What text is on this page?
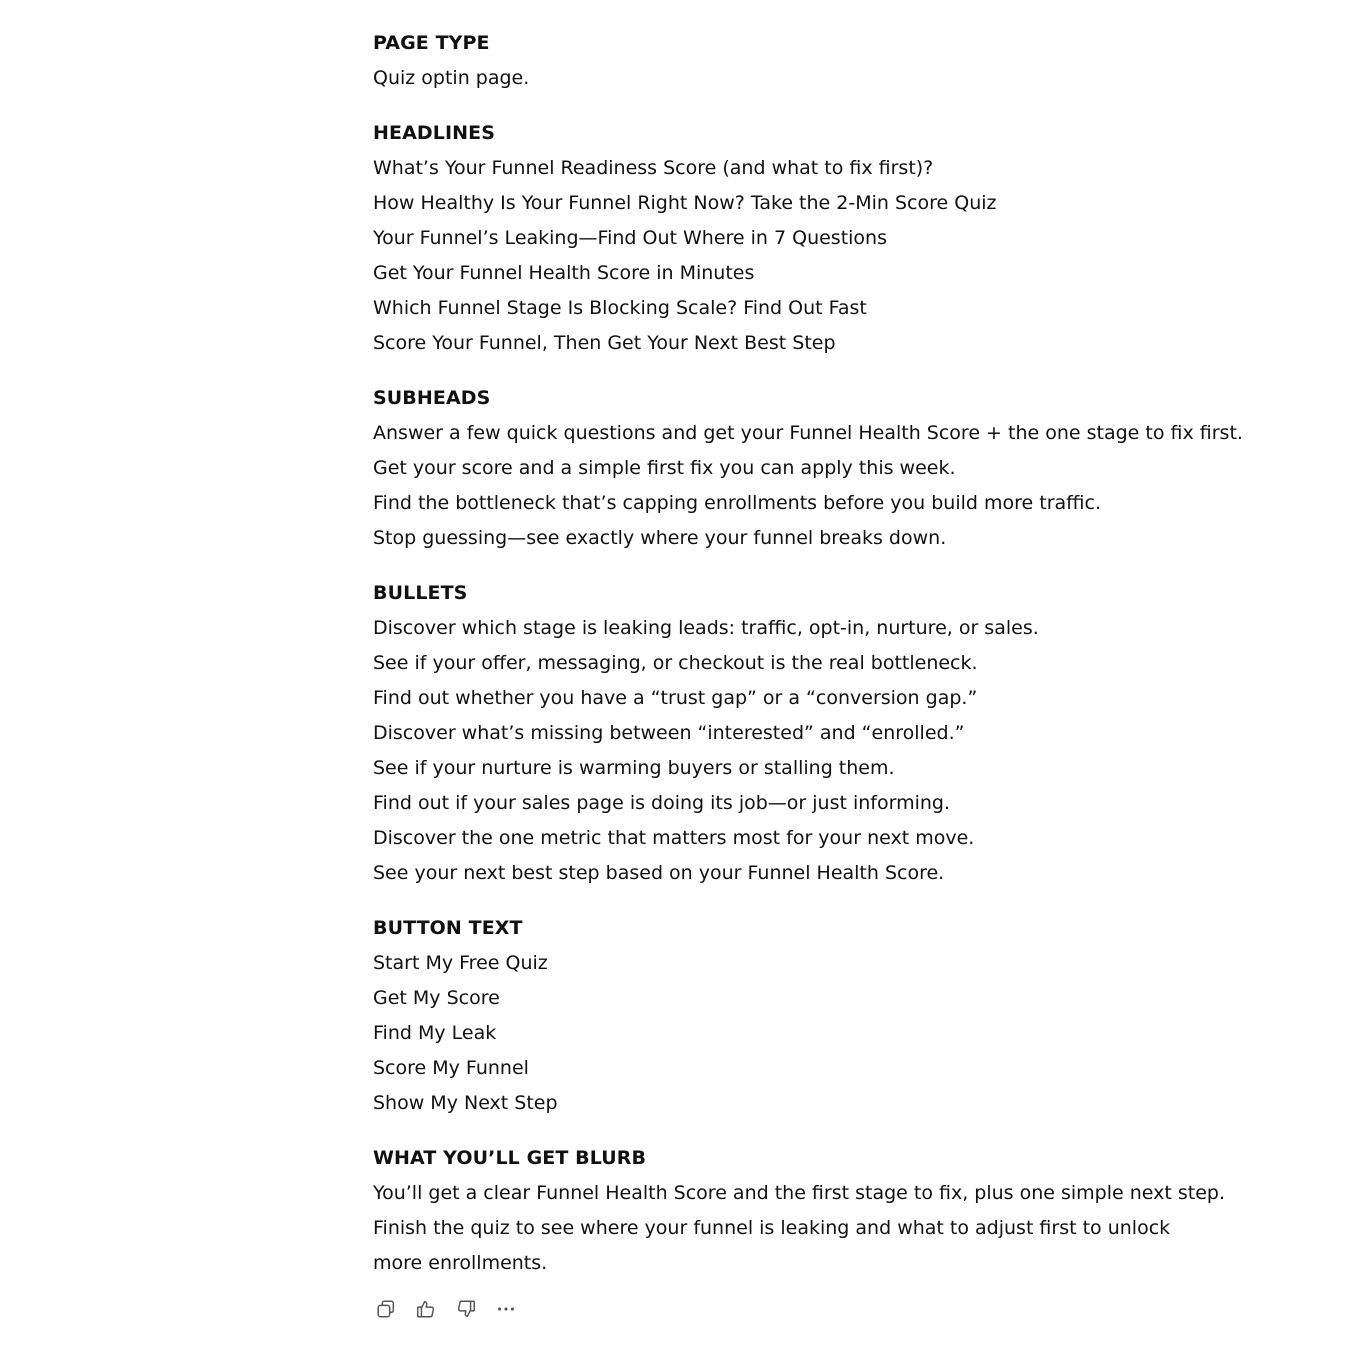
PAGE TYPE
Quiz optin page.
HEADLINES
What’s Your Funnel Readiness Score (and what to fix first)?
How Healthy Is Your Funnel Right Now? Take the 2-Min Score Quiz
Your Funnel’s Leaking—Find Out Where in 7 Questions
Get Your Funnel Health Score in Minutes
Which Funnel Stage Is Blocking Scale? Find Out Fast
Score Your Funnel, Then Get Your Next Best Step
SUBHEADS
Answer a few quick questions and get your Funnel Health Score + the one stage to fix first.
Get your score and a simple first fix you can apply this week.
Find the bottleneck that’s capping enrollments before you build more traffic.
Stop guessing—see exactly where your funnel breaks down.
BULLETS
Discover which stage is leaking leads: traffic, opt-in, nurture, or sales.
See if your offer, messaging, or checkout is the real bottleneck.
Find out whether you have a “trust gap” or a “conversion gap.”
Discover what’s missing between “interested” and “enrolled.”
See if your nurture is warming buyers or stalling them.
Find out if your sales page is doing its job—or just informing.
Discover the one metric that matters most for your next move.
See your next best step based on your Funnel Health Score.
BUTTON TEXT
Start My Free Quiz
Get My Score
Find My Leak
Score My Funnel
Show My Next Step
WHAT YOU’LL GET BLURB
You’ll get a clear Funnel Health Score and the first stage to fix, plus one simple next step.
Finish the quiz to see where your funnel is leaking and what to adjust first to unlock more enrollments.
